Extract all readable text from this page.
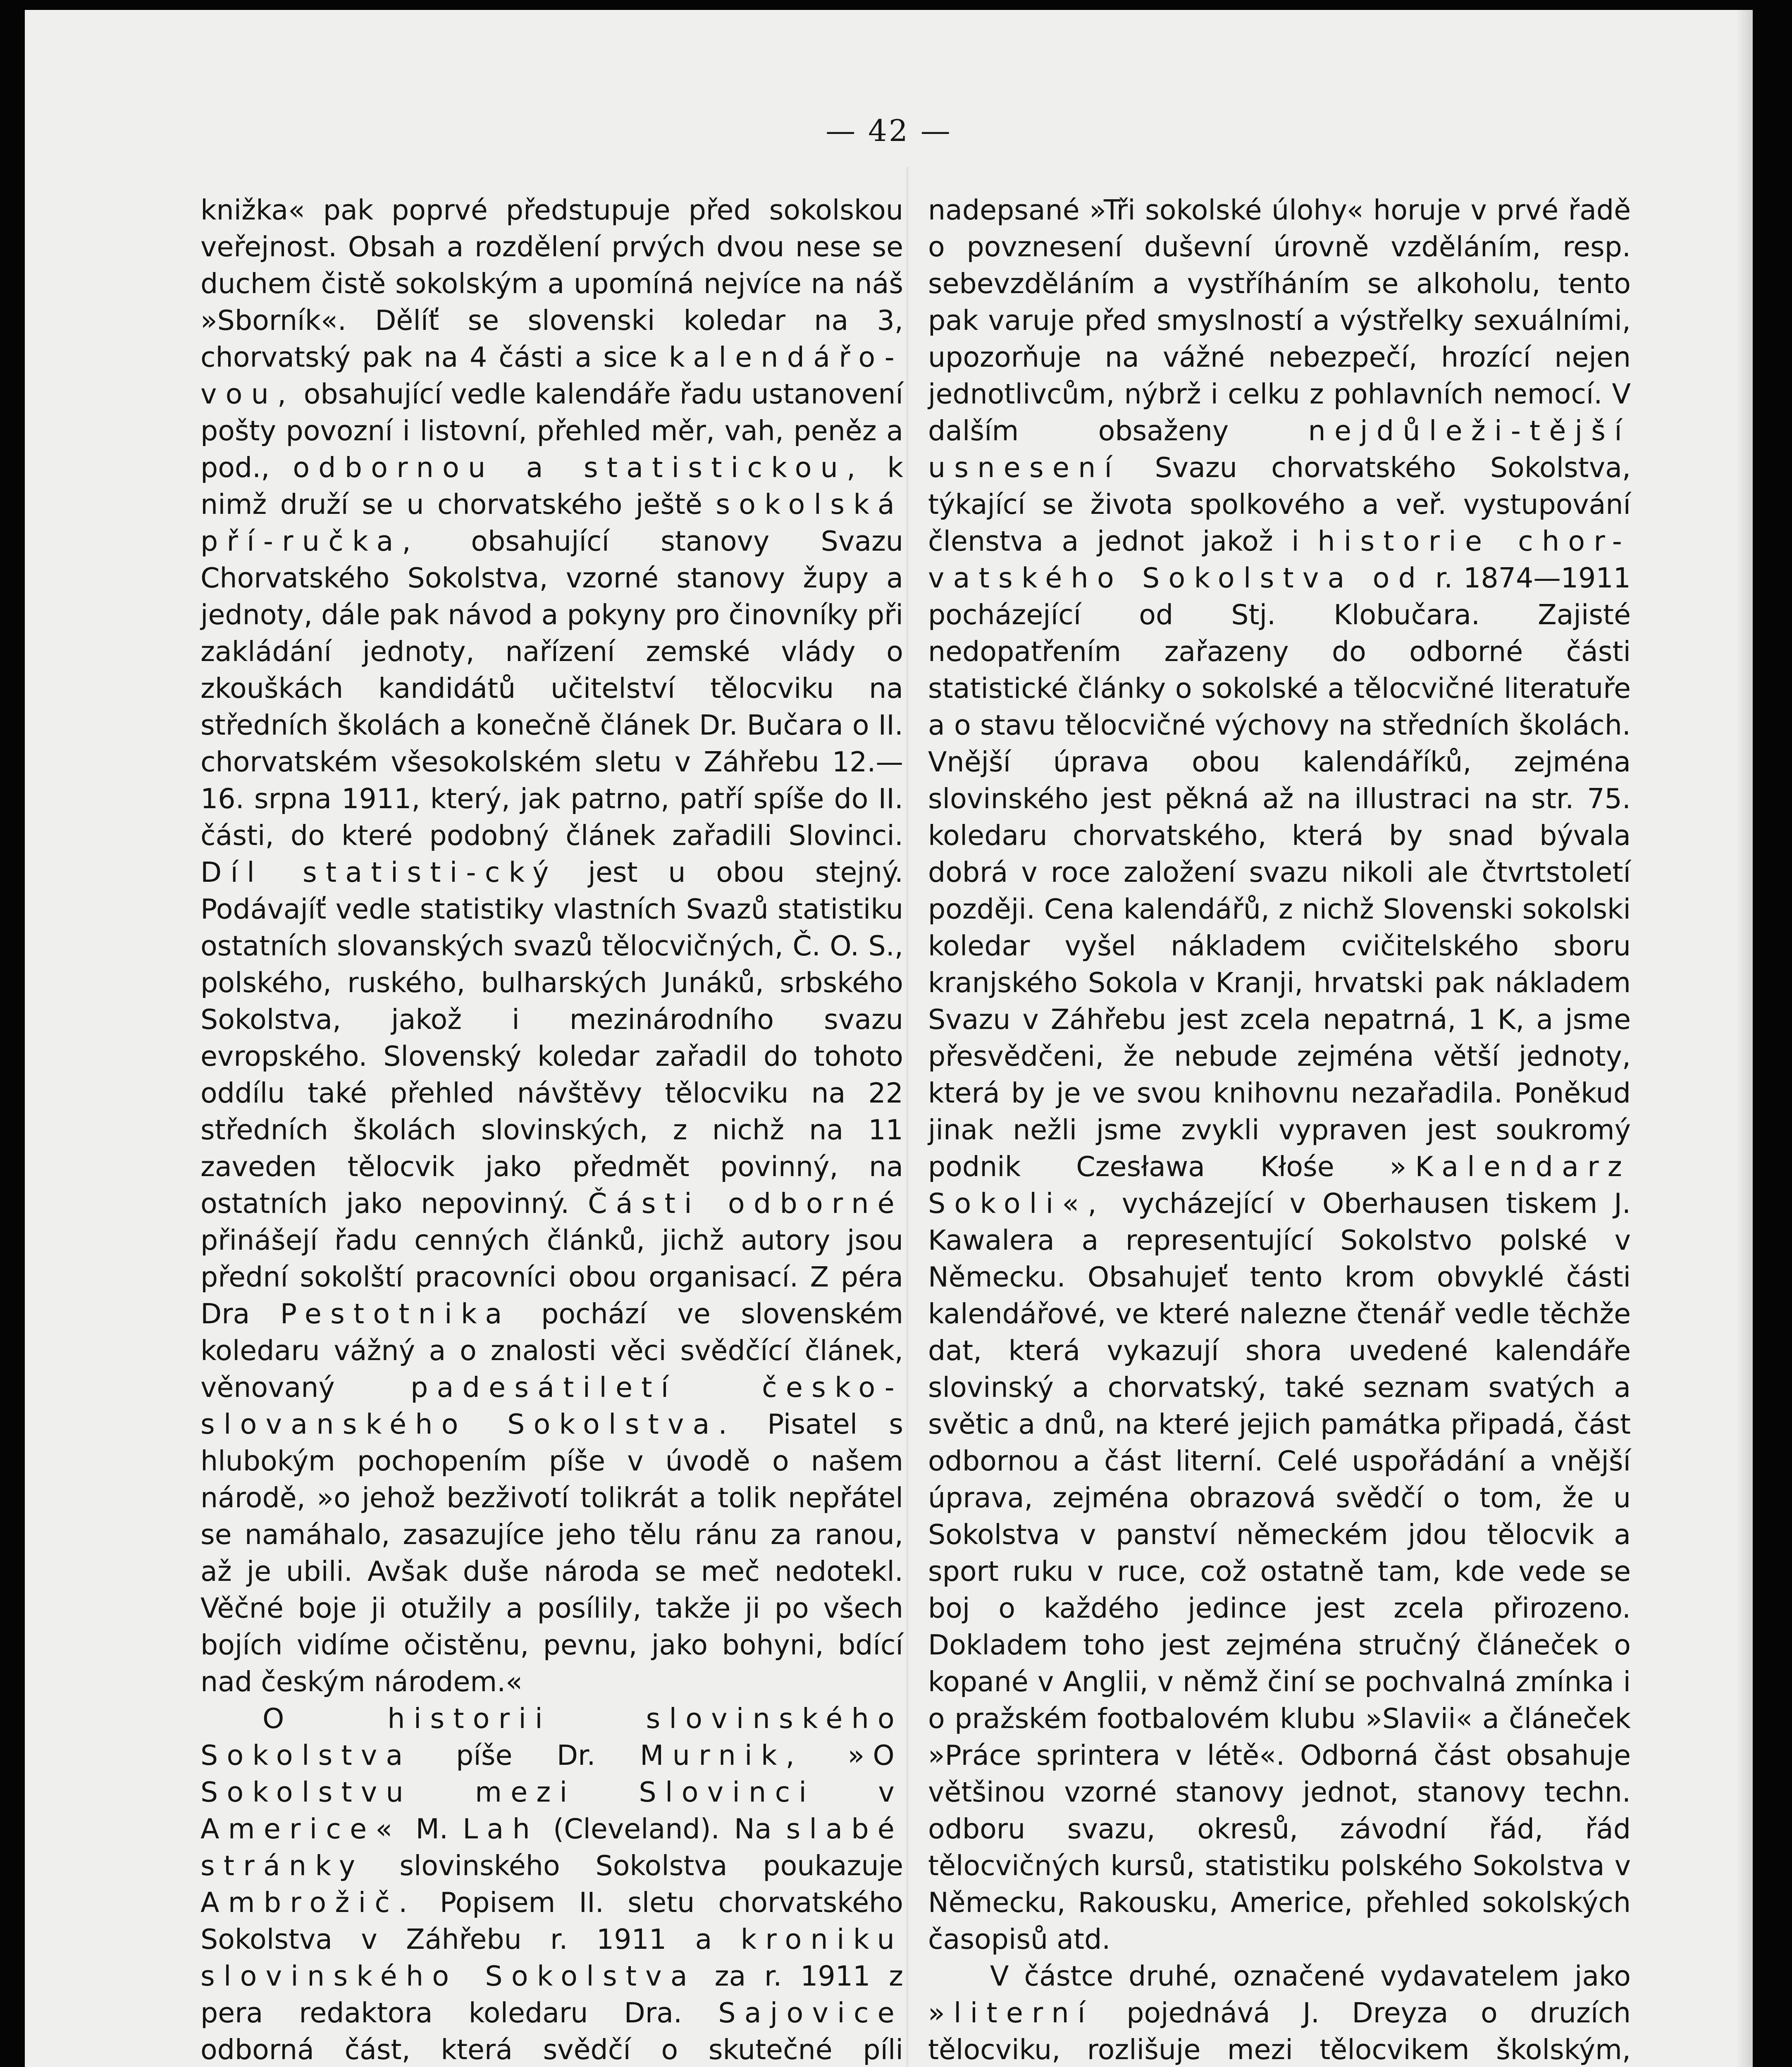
— 42 —

knižka« pak poprvé předstupuje před sokolskou veřejnost. Obsah a rozdělení prvých dvou nese se duchem čistě sokolským a upomíná nejvíce na náš »Sborník«. Dělíť se slovenski koledar na 3, chorvatský pak na 4 části a sice kalendářo-vou, obsahující vedle kalendáře řadu ustanovení pošty povozní i listovní, přehled měr, vah, peněz a pod., odbornou a statistickou, k nimž druží se u chorvatského ještě sokolská pří-ručka, obsahující stanovy Svazu Chorvatského Sokolstva, vzorné stanovy župy a jednoty, dále pak návod a pokyny pro činovníky při zakládání jednoty, nařízení zemské vlády o zkouškách kandidátů učitelství tělocviku na středních školách a konečně článek Dr. Bučara o II. chorvatském všesokolském sletu v Záhřebu 12.—16. srpna 1911, který, jak patrno, patří spíše do II. části, do které podobný článek zařadili Slovinci. Díl statisti-cký jest u obou stejný. Podávajíť vedle statistiky vlastních Svazů statistiku ostatních slovanských svazů tělocvičných, Č. O. S., polského, ruského, bulharských Junáků, srbského Sokolstva, jakož i mezinárodního svazu evropského. Slovenský koledar zařadil do tohoto oddílu také přehled návštěvy tělocviku na 22 středních školách slovinských, z nichž na 11 zaveden tělocvik jako předmět povinný, na ostatních jako nepovinný. Části odborné přinášejí řadu cenných článků, jichž autory jsou přední sokolští pracovníci obou organisací. Z péra Dra Pestotnika pochází ve slovenském koledaru vážný a o znalosti věci svědčící článek, věnovaný	padesátiletí česko-slovanského Sokolstva. Pisatel s hlubokým pochopením píše v úvodě o našem národě, »o jehož bezživotí tolikrát a tolik nepřátel se namáhalo, zasazujíce jeho tělu ránu za ranou, až je ubili. Avšak duše národa se meč nedotekl. Věčné boje ji otužily a posílily, takže ji po všech bojích vidíme očistěnu, pevnu, jako bohyni, bdící nad českým národem.«

O historii slovinského Sokolstva píše Dr. Murnik, »O Sokolstvu mezi Slovinci v Americe« M. Lah (Cleveland). Na slabé stránky slovinského Sokolstva poukazuje Ambrožič. Popisem II. sletu chorvatského Sokolstva v Záhřebu r. 1911 a kroniku slovinského Sokolstva za r. 1911 z pera redaktora koledaru Dra. Sajovice odborná část, která svědčí o skutečné píli

nadepsané »Tři sokolské úlohy« horuje v prvé řadě o povznesení duševní úrovně vzděláním, resp. sebevzděláním a vystříháním se alkoholu, tento pak varuje před smyslností a výstřelky sexuálními, upozorňuje na vážné nebezpečí, hrozící nejen jednotlivcům, nýbrž i celku z pohlavních nemocí. V dalším obsaženy	nejdůleži-tější usnesení Svazu chorvatského Sokolstva, týkající se života spolkového a veř. vystupování členstva a jednot jakož i historie chor-vatského Sokolstva od r. 1874—1911 pocházející od Stj. Klobučara. Zajisté nedopatřením zařazeny do odborné části statistické články o sokolské a tělocvičné literatuře a o stavu tělocvičné výchovy na středních školách. Vnější úprava obou kalendáříků, zejména slovinského jest pěkná až na illustraci na str. 75. koledaru chorvatského, která by snad bývala dobrá v roce založení svazu nikoli ale čtvrtstoletí později. Cena kalendářů, z nichž Slovenski sokolski koledar vyšel nákladem cvičitelského sboru kranjského Sokola v Kranji, hrvatski pak nákladem Svazu v Záhřebu jest zcela nepatrná, 1 K, a jsme přesvědčeni, že nebude zejména větší jednoty, která by je ve svou knihovnu nezařadila. Poněkud jinak nežli jsme zvykli vypraven jest soukromý podnik Czesława Kłośe »Kalendarz Sokoli«, vycházející v Oberhausen tiskem J. Kawalera a representující Sokolstvo polské v Německu. Obsahujeť tento krom obvyklé části kalendářové, ve které nalezne čtenář vedle těchže dat, která vykazují shora uvedené kalendáře slovinský a chorvatský, také seznam svatých a světic a dnů, na které jejich památka připadá, část odbornou a část literní. Celé uspořádání a vnější úprava, zejména obrazová svědčí o tom, že u Sokolstva v panství německém jdou tělocvik a sport ruku v ruce, což ostatně tam, kde vede se boj o každého jedince jest zcela přirozeno. Dokladem toho jest zejména stručný článeček o kopané v Anglii, v němž činí se pochvalná zmínka i o pražském footbalovém klubu »Slavii« a článeček »Práce sprintera v létě«. Odborná část obsahuje většinou vzorné stanovy jednot, stanovy techn. odboru svazu, okresů, závodní řád, řád tělocvičných kursů, statistiku polského Sokolstva v Německu, Rakousku, Americe, přehled sokolských časopisů atd.

V částce druhé, označené vydavatelem jako »literní pojednává J. Dreyza o druzích tělocviku, rozlišuje mezi tělocvikem školským,
